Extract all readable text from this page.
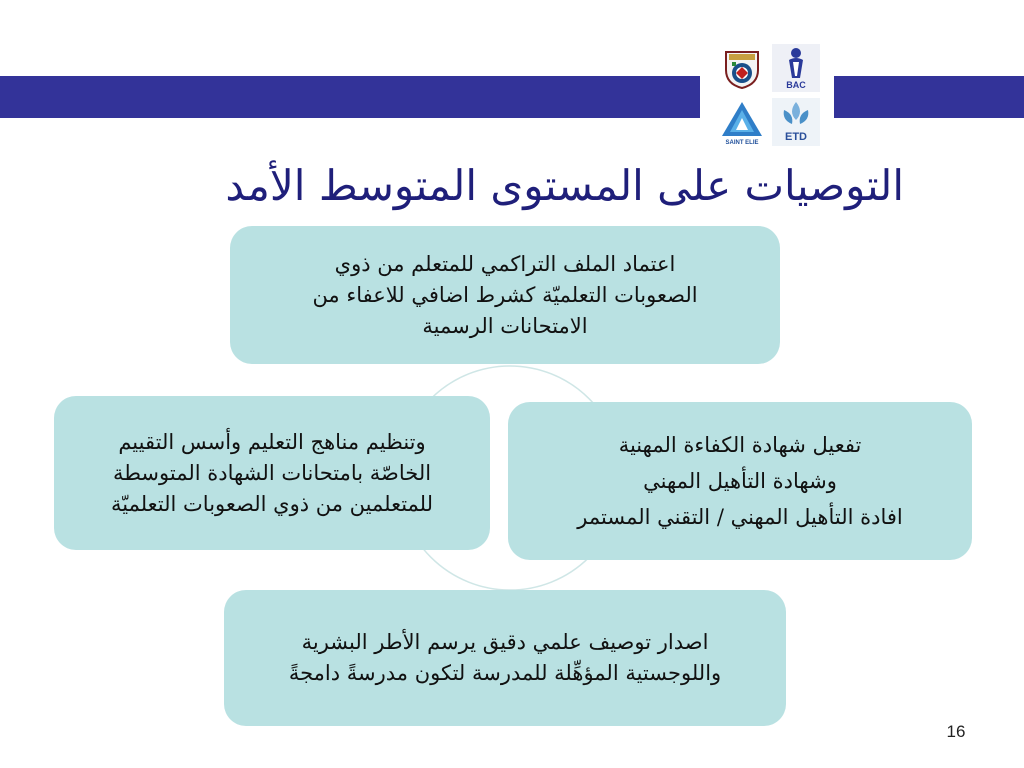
BAC
SAINT ELIE ETD
التوصيات على المستوى المتوسط الأمد

اعتماد الملف التراكمي للمتعلم من ذوي

الصعوبات التعلميّة كشرط اضافي للاعفاء من

الامتحانات الرسمية

وتنظيم مناهج التعليم وأسس التقييم

الخاصّة بامتحانات الشهادة المتوسطة

للمتعلمين من ذوي الصعوبات التعلميّة

تفعيل شهادة الكفاءة المهنية

وشهادة التأهيل المهني

افادة التأهيل المهني / التقني المستمر

اصدار توصيف علمي دقيق يرسم الأطر البشرية

واللوجستية المؤهِّلة للمدرسة لتكون مدرسةً دامجةً

16
